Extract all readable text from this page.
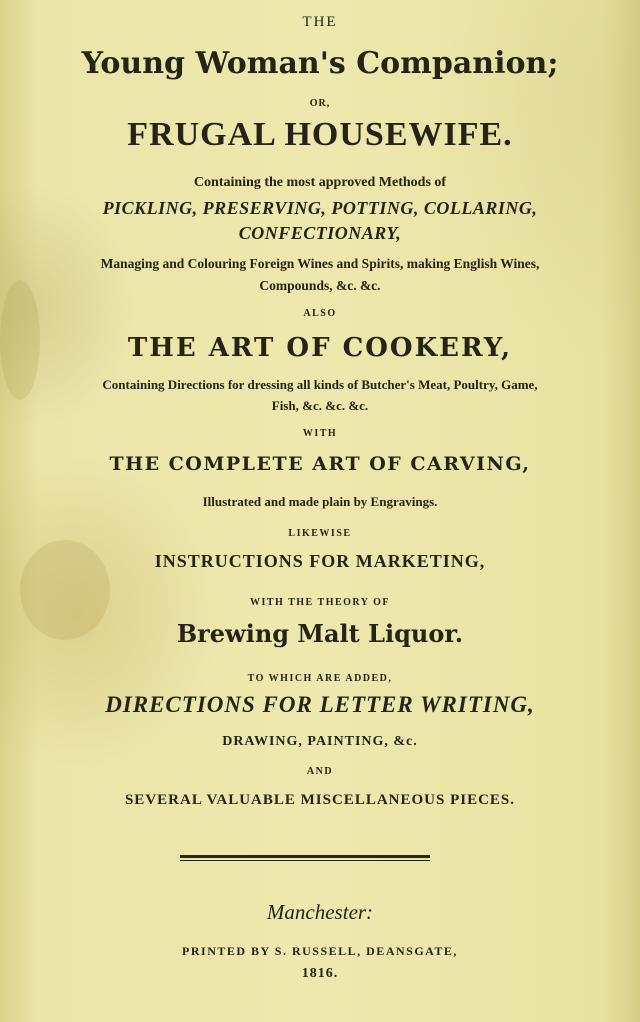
THE

Young Woman's Companion;

OR,

FRUGAL HOUSEWIFE.

Containing the most approved Methods of

PICKLING, PRESERVING, POTTING, COLLARING,

CONFECTIONARY,

Managing and Colouring Foreign Wines and Spirits, making English Wines,

Compounds, &c. &c.

ALSO

THE ART OF COOKERY,

Containing Directions for dressing all kinds of Butcher's Meat, Poultry, Game,

Fish, &c. &c. &c.

WITH

THE COMPLETE ART OF CARVING,

Illustrated and made plain by Engravings.

LIKEWISE

INSTRUCTIONS FOR MARKETING,

WITH THE THEORY OF

Brewing Malt Liquor.

TO WHICH ARE ADDED,

DIRECTIONS FOR LETTER WRITING,

DRAWING, PAINTING, &c.

AND

SEVERAL VALUABLE MISCELLANEOUS PIECES.

Manchester:

PRINTED BY S. RUSSELL, DEANSGATE,

1816.
